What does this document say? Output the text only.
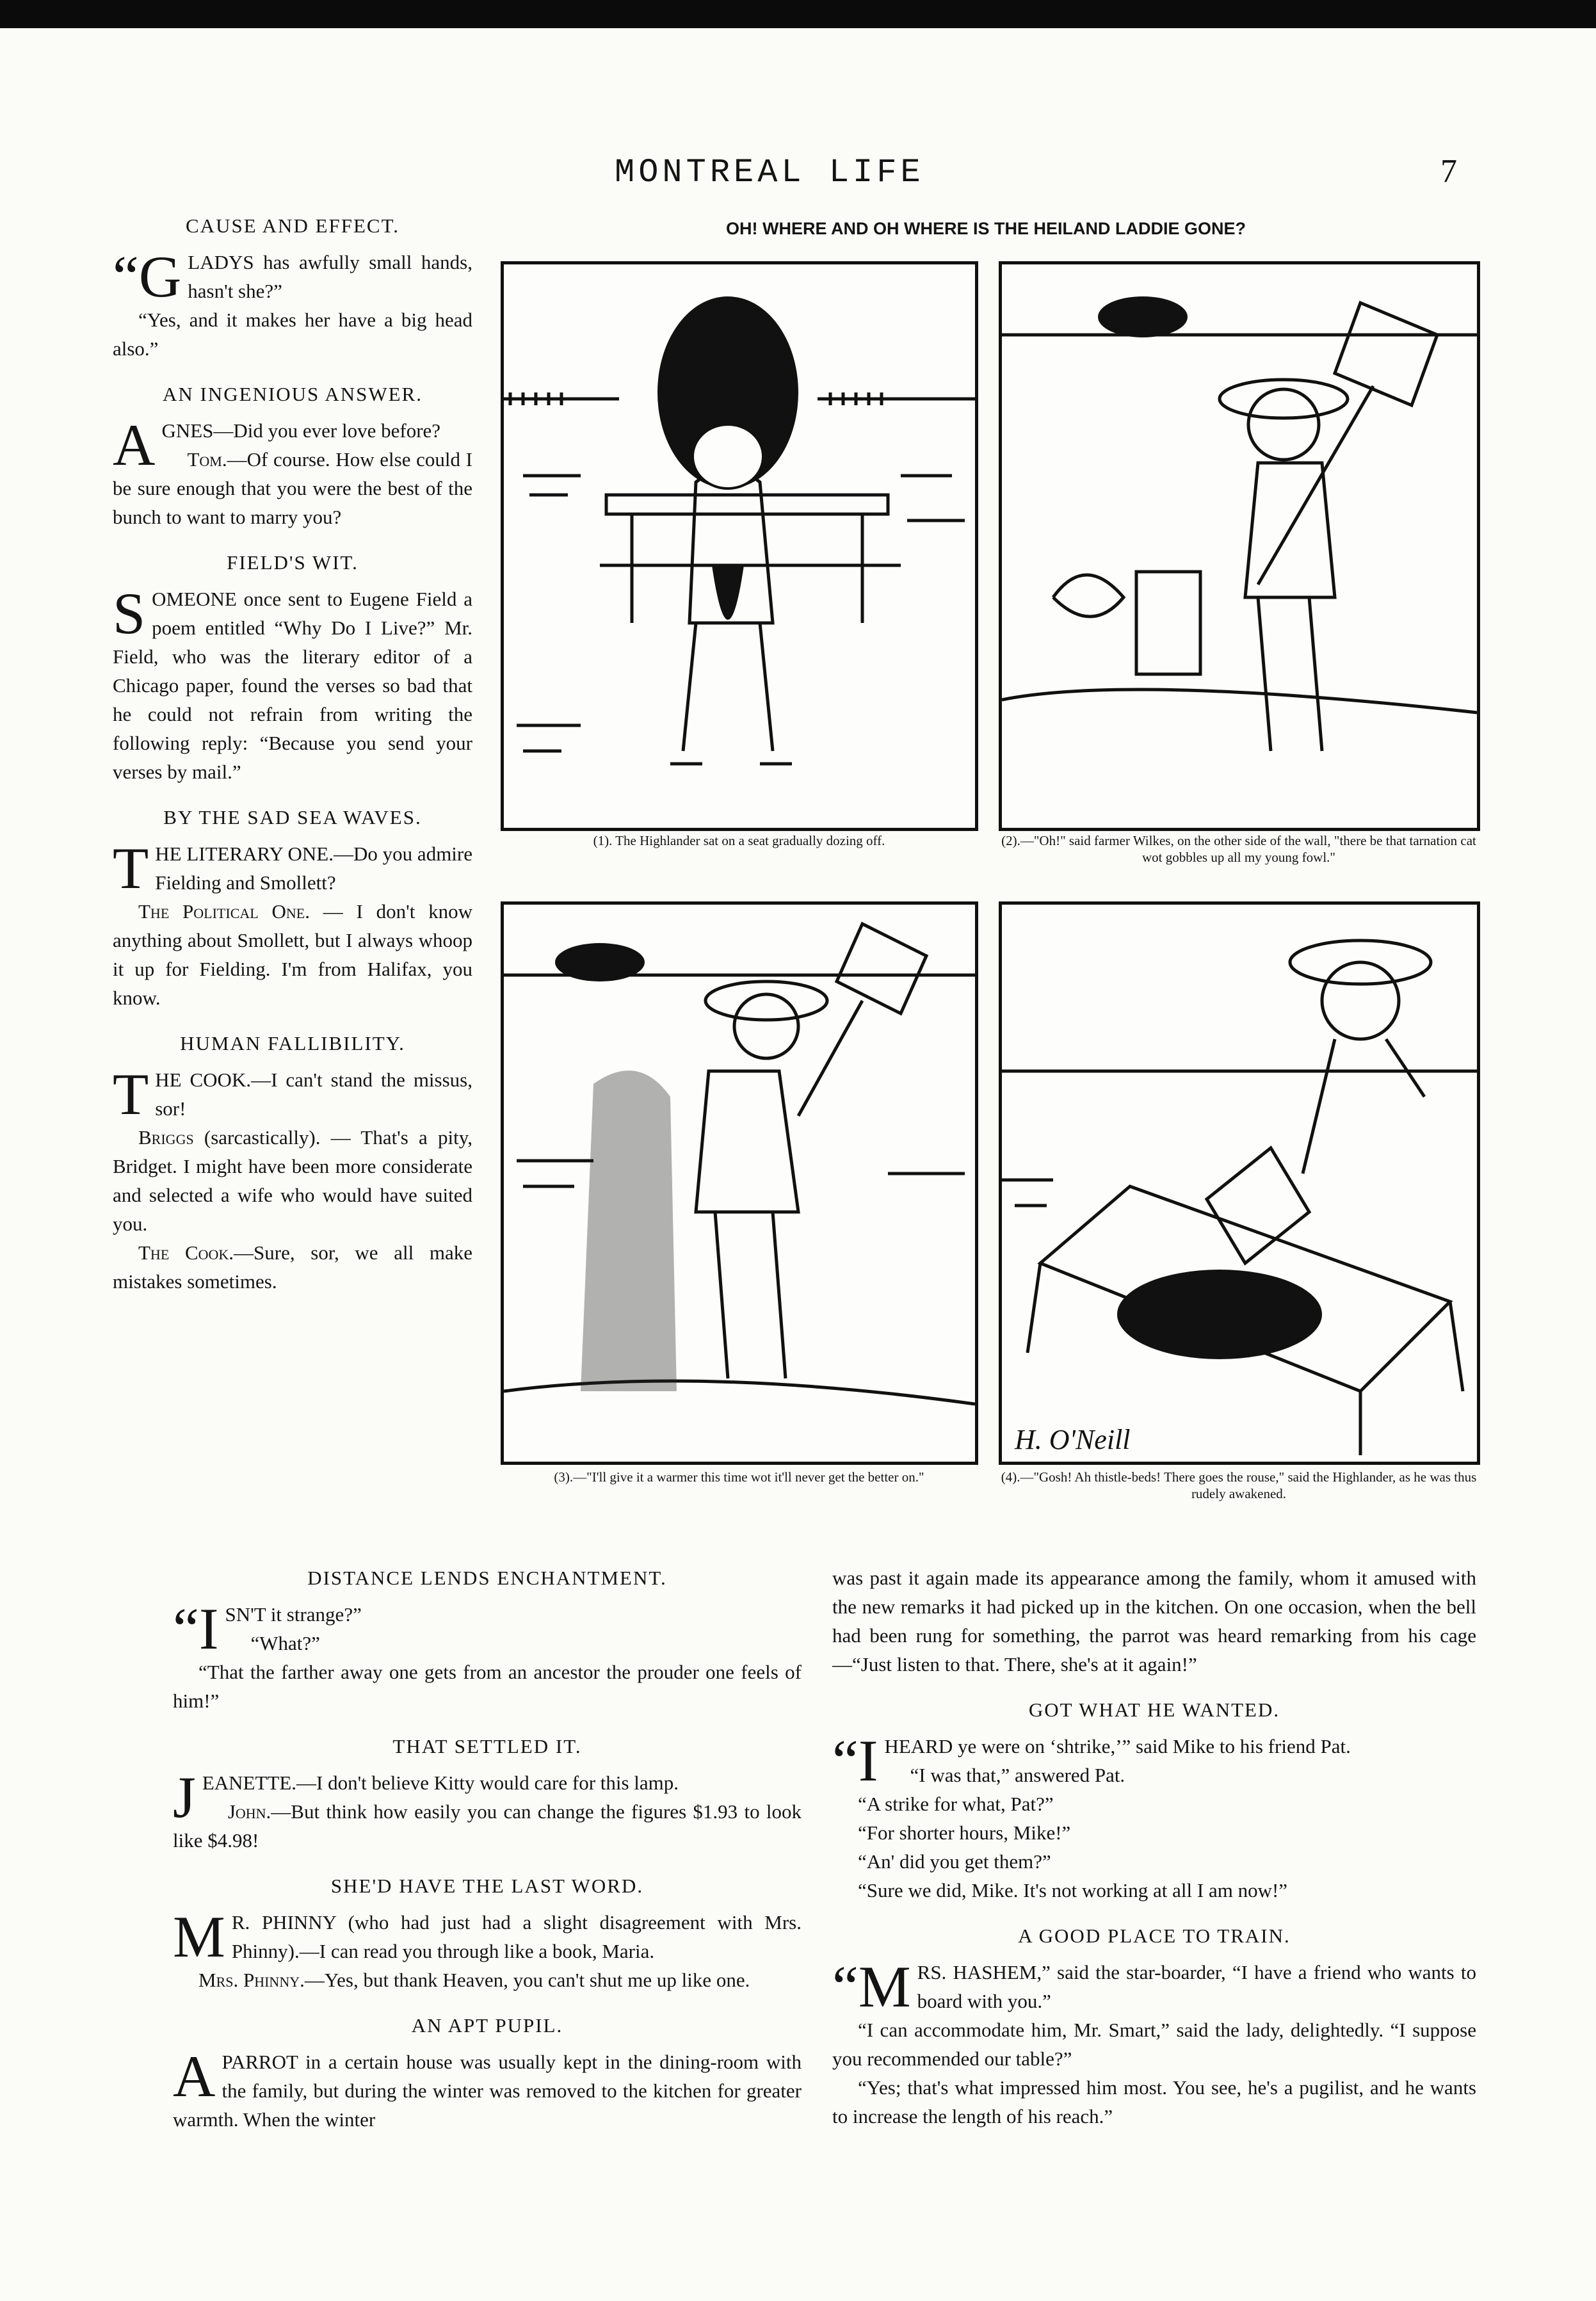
MONTREAL LIFE	7
CAUSE AND EFFECT.

“GLADYS has awfully small hands, hasn't she?”

“Yes, and it makes her have a big head also.”

AN INGENIOUS ANSWER.

AGNES—Did you ever love before?

Tom.—Of course. How else could I be sure enough that you were the best of the bunch to want to marry you?

FIELD'S WIT.

SOMEONE once sent to Eugene Field a poem entitled “Why Do I Live?” Mr. Field, who was the literary editor of a Chicago paper, found the verses so bad that he could not refrain from writing the following reply: “Because you send your verses by mail.”

BY THE SAD SEA WAVES.

THE LITERARY ONE.—Do you admire Fielding and Smollett?

The Political One. — I don't know anything about Smollett, but I always whoop it up for Fielding. I'm from Halifax, you know.

HUMAN FALLIBILITY.

THE COOK.—I can't stand the missus, sor!

Briggs (sarcastically). — That's a pity, Bridget. I might have been more considerate and selected a wife who would have suited you.

The Cook.—Sure, sor, we all make mistakes sometimes.

OH! WHERE AND OH WHERE IS THE HEILAND LADDIE GONE?
(1). The Highlander sat on a seat gradually dozing off.	(2).—"Oh!" said farmer Wilkes, on the other side of the wall, "there be that tarnation cat wot gobbles up all my young fowl."
(3).—"I'll give it a warmer this time wot it'll never get the better on."
H. O'Neill
(4).—"Gosh! Ah thistle-beds! There goes the rouse," said the Highlander, as he was thus rudely awakened.
DISTANCE LENDS ENCHANTMENT.

“ISN'T it strange?”

“What?”

“That the farther away one gets from an ancestor the prouder one feels of him!”

THAT SETTLED IT.

JEANETTE.—I don't believe Kitty would care for this lamp.

John.—But think how easily you can change the figures $1.93 to look like $4.98!

SHE'D HAVE THE LAST WORD.

M R. PHINNY (who had just had a slight disagreement with Mrs. Phinny).—I can read you through like a book, Maria.

Mrs. Phinny.—Yes, but thank Heaven, you can't shut me up like one.

AN APT PUPIL.

A PARROT in a certain house was usually kept in the dining-room with the family, but during the winter was removed to the kitchen for greater warmth. When the winter

was past it again made its appearance among the family, whom it amused with the new remarks it had picked up in the kitchen. On one occasion, when the bell had been rung for something, the parrot was heard remarking from his cage—“Just listen to that. There, she's at it again!”

GOT WHAT HE WANTED.

“I HEARD ye were on ‘shtrike,’” said Mike to his friend Pat.

“I was that,” answered Pat.

“A strike for what, Pat?”

“For shorter hours, Mike!”

“An' did you get them?”

“Sure we did, Mike. It's not working at all I am now!”

A GOOD PLACE TO TRAIN.

“MRS. HASHEM,” said the star-boarder, “I have a friend who wants to board with you.”

“I can accommodate him, Mr. Smart,” said the lady, delightedly. “I suppose you recommended our table?”

“Yes; that's what impressed him most. You see, he's a pugilist, and he wants to increase the length of his reach.”
